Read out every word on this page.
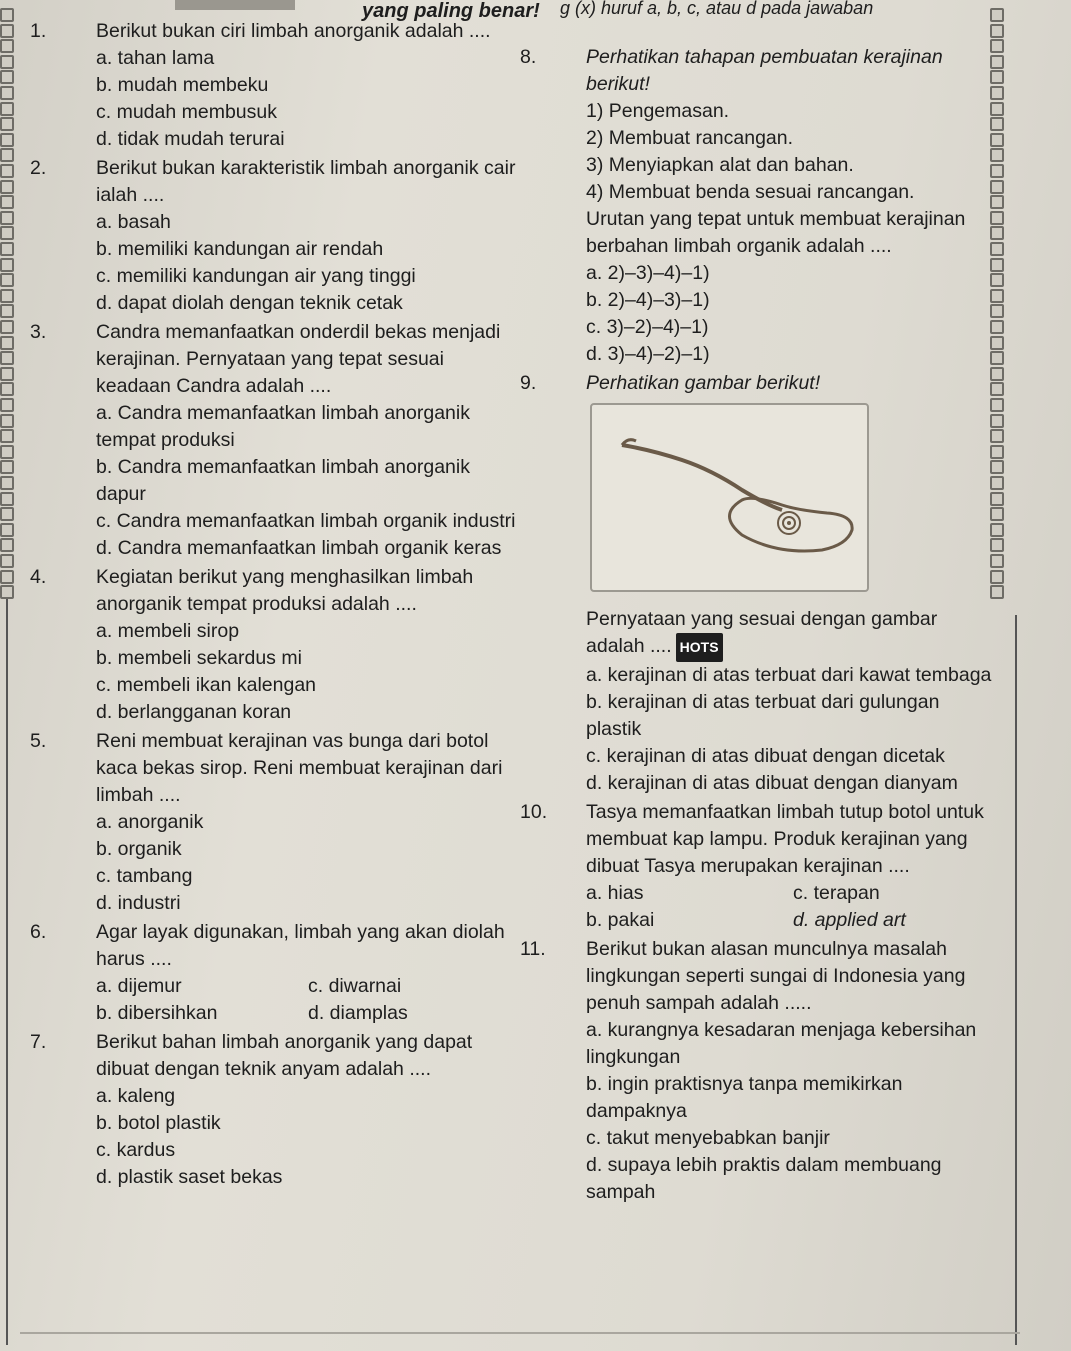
yang paling benar! g (x) huruf a, b, c, atau d pada jawaban
1.	Berikut bukan ciri limbah anorganik adalah ....
a. tahan lama
b. mudah membeku
c. mudah membusuk
d. tidak mudah terurai
2.	Berikut bukan karakteristik limbah anorganik cair ialah ....
a. basah
b. memiliki kandungan air rendah
c. memiliki kandungan air yang tinggi
d. dapat diolah dengan teknik cetak
3.	Candra memanfaatkan onderdil bekas menjadi kerajinan. Pernyataan yang tepat sesuai keadaan Candra adalah ....
a. Candra memanfaatkan limbah anorganik tempat produksi
b. Candra memanfaatkan limbah anorganik dapur
c. Candra memanfaatkan limbah organik industri
d. Candra memanfaatkan limbah organik keras
4.	Kegiatan berikut yang menghasilkan limbah anorganik tempat produksi adalah ....
a. membeli sirop
b. membeli sekardus mi
c. membeli ikan kalengan
d. berlangganan koran
5.	Reni membuat kerajinan vas bunga dari botol kaca bekas sirop. Reni membuat kerajinan dari limbah ....
a. anorganik
b. organik
c. tambang
d. industri
6.	Agar layak digunakan, limbah yang akan diolah harus ....
a. dijemur	c. diwarnai
b. dibersihkan	d. diamplas
7.	Berikut bahan limbah anorganik yang dapat dibuat dengan teknik anyam adalah ....
a. kaleng
b. botol plastik
c. kardus
d. plastik saset bekas
8.	Perhatikan tahapan pembuatan kerajinan berikut!
1) Pengemasan.
2) Membuat rancangan.
3) Menyiapkan alat dan bahan.
4) Membuat benda sesuai rancangan.
Urutan yang tepat untuk membuat kerajinan berbahan limbah organik adalah ....
a. 2)–3)–4)–1)
b. 2)–4)–3)–1)
c. 3)–2)–4)–1)
d. 3)–4)–2)–1)
9.	Perhatikan gambar berikut!
Pernyataan yang sesuai dengan gambar adalah .... HOTS
a. kerajinan di atas terbuat dari kawat tembaga
b. kerajinan di atas terbuat dari gulungan plastik
c. kerajinan di atas dibuat dengan dicetak
d. kerajinan di atas dibuat dengan dianyam
10. Tasya memanfaatkan limbah tutup botol untuk membuat kap lampu. Produk kerajinan yang dibuat Tasya merupakan kerajinan ....
a. hias	c. terapan
b. pakai	d. applied art
11. Berikut bukan alasan munculnya masalah lingkungan seperti sungai di Indonesia yang penuh sampah adalah .....
a. kurangnya kesadaran menjaga kebersihan lingkungan
b. ingin praktisnya tanpa memikirkan dampaknya
c. takut menyebabkan banjir
d. supaya lebih praktis dalam membuang sampah
